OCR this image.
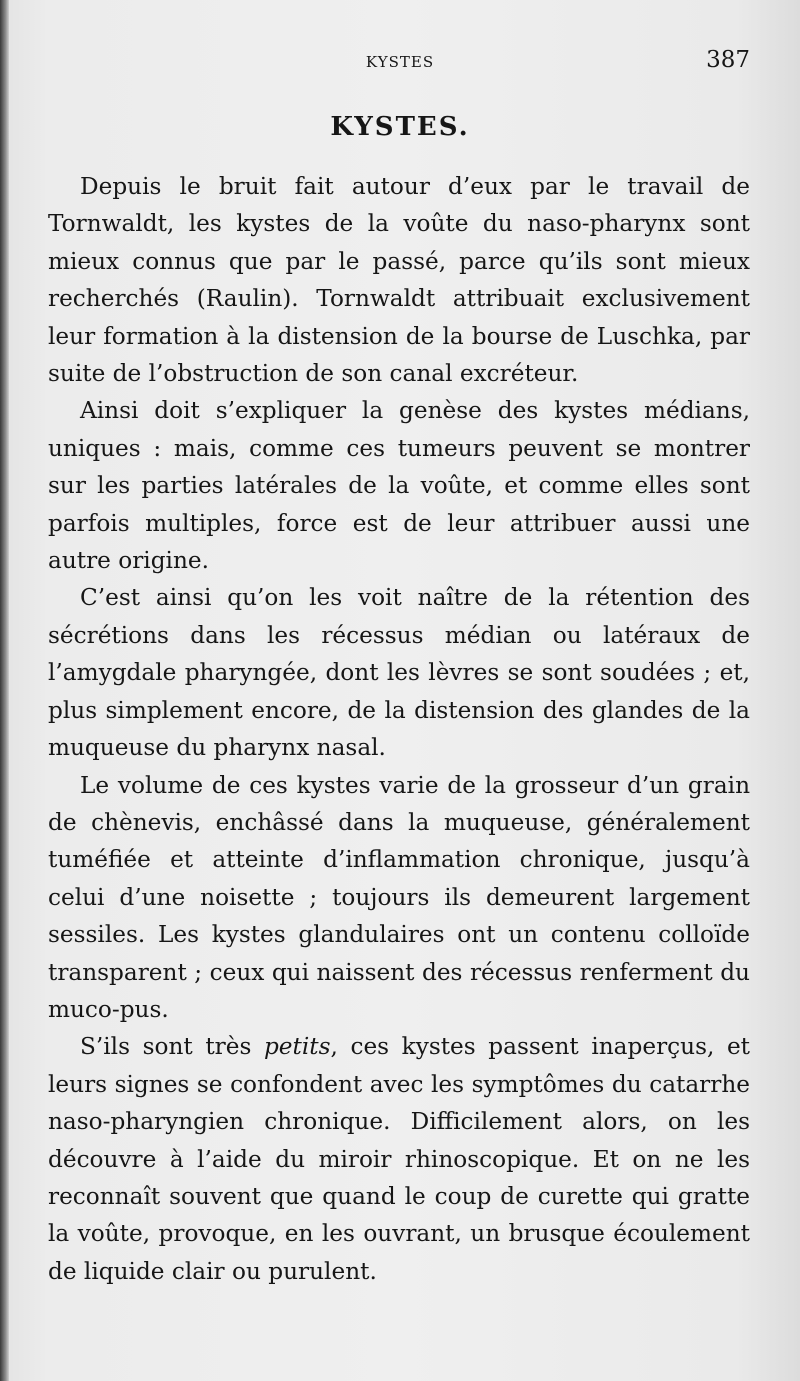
KYSTES	387
KYSTES.

Depuis le bruit fait autour d’eux par le travail de Tornwaldt, les kystes de la voûte du naso-pharynx sont mieux connus que par le passé, parce qu’ils sont mieux recherchés (Raulin). Tornwaldt attribuait exclusivement leur formation à la distension de la bourse de Luschka, par suite de l’obstruction de son canal excréteur.

Ainsi doit s’expliquer la genèse des kystes médians, uniques : mais, comme ces tumeurs peuvent se montrer sur les parties latérales de la voûte, et comme elles sont parfois multiples, force est de leur attribuer aussi une autre origine.

C’est ainsi qu’on les voit naître de la rétention des sécrétions dans les récessus médian ou latéraux de l’amygdale pharyngée, dont les lèvres se sont soudées ; et, plus simplement encore, de la distension des glandes de la muqueuse du pharynx nasal.

Le volume de ces kystes varie de la grosseur d’un grain de chènevis, enchâssé dans la muqueuse, généralement tuméfiée et atteinte d’inflammation chronique, jusqu’à celui d’une noisette ; toujours ils demeurent largement sessiles. Les kystes glandulaires ont un contenu colloïde transparent ; ceux qui naissent des récessus renferment du muco-pus.

S’ils sont très petits, ces kystes passent inaperçus, et leurs signes se confondent avec les symptômes du catarrhe naso-pharyngien chronique. Difficilement alors, on les découvre à l’aide du miroir rhinoscopique. Et on ne les reconnaît souvent que quand le coup de curette qui gratte la voûte, provoque, en les ouvrant, un brusque écoulement de liquide clair ou purulent.
